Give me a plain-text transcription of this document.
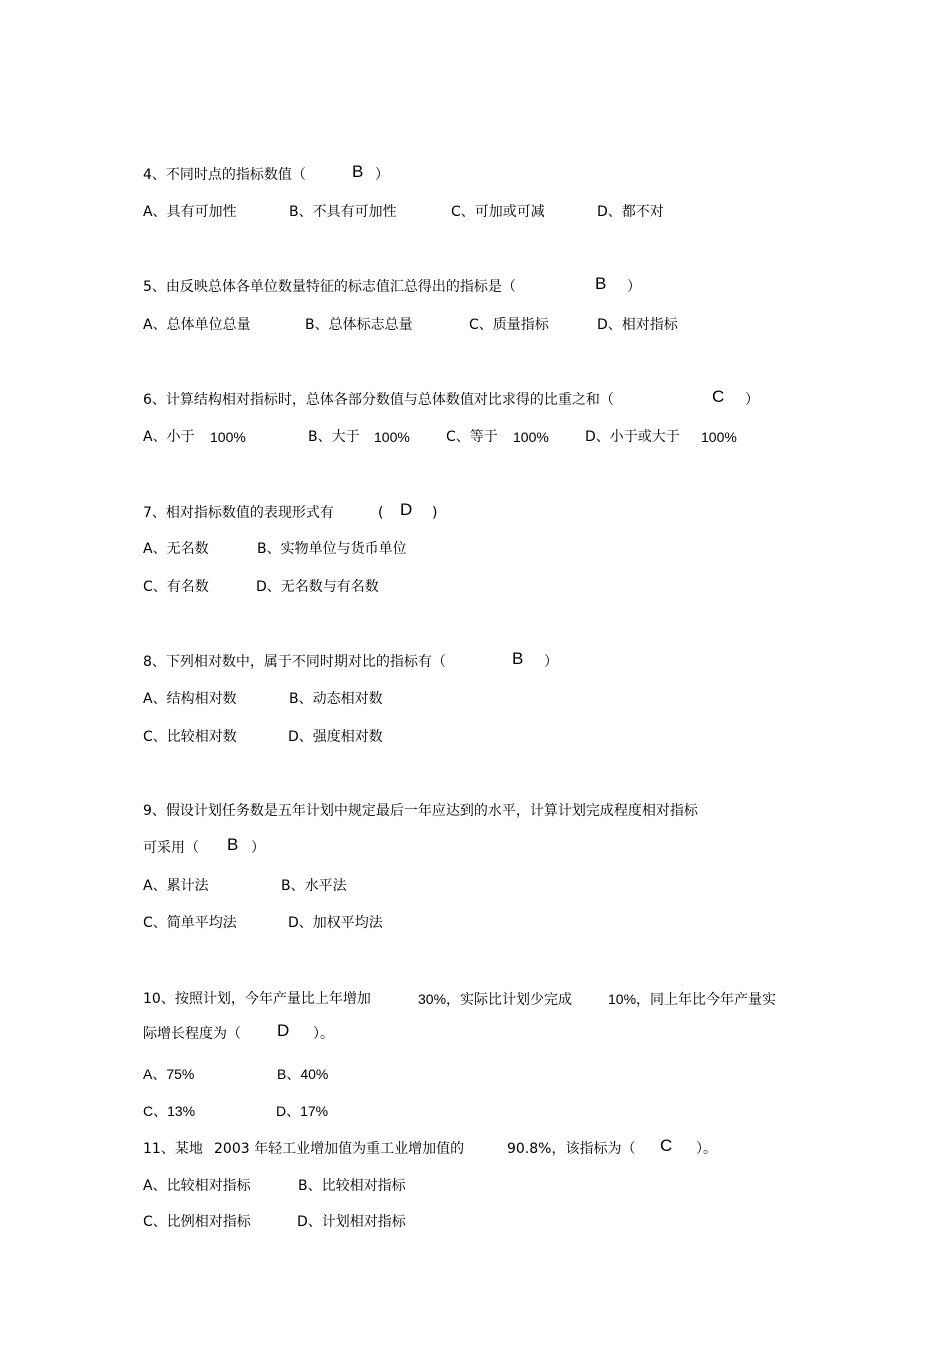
4、不同时点的指标数值（	B ）
A、具有可加性	B、不具有可加性	C、可加或可减	D、都不对
5、由反映总体各单位数量特征的标志值汇总得出的指标是（	B ）
A、总体单位总量	B、总体标志总量	C、质量指标	D、相对指标
6、计算结构相对指标时，总体各部分数值与总体数值对比求得的比重之和（	C ）
A、小于 100%	B、大于 100%	C、等于 100%	D、小于或大于 100%
7、相对指标数值的表现形式有	( D )
A、无名数	B、实物单位与货币单位
C、有名数	D、无名数与有名数
8、下列相对数中，属于不同时期对比的指标有（	B ）
A、结构相对数	B、动态相对数
C、比较相对数	D、强度相对数
9、假设计划任务数是五年计划中规定最后一年应达到的水平，计算计划完成程度相对指标
可采用（ B ）
A、累计法	B、水平法
C、简单平均法	D、加权平均法
10、按照计划，今年产量比上年增加	30%，实际比计划少完成	10%，同上年比今年产量实
际增长程度为（ D ）。
A、75%	B、40%
C、13%	D、17%
11、某地 2003 年轻工业增加值为重工业增加值的	90.8%，该指标为（ C ）。
A、比较相对指标	B、比较相对指标
C、比例相对指标	D、计划相对指标
